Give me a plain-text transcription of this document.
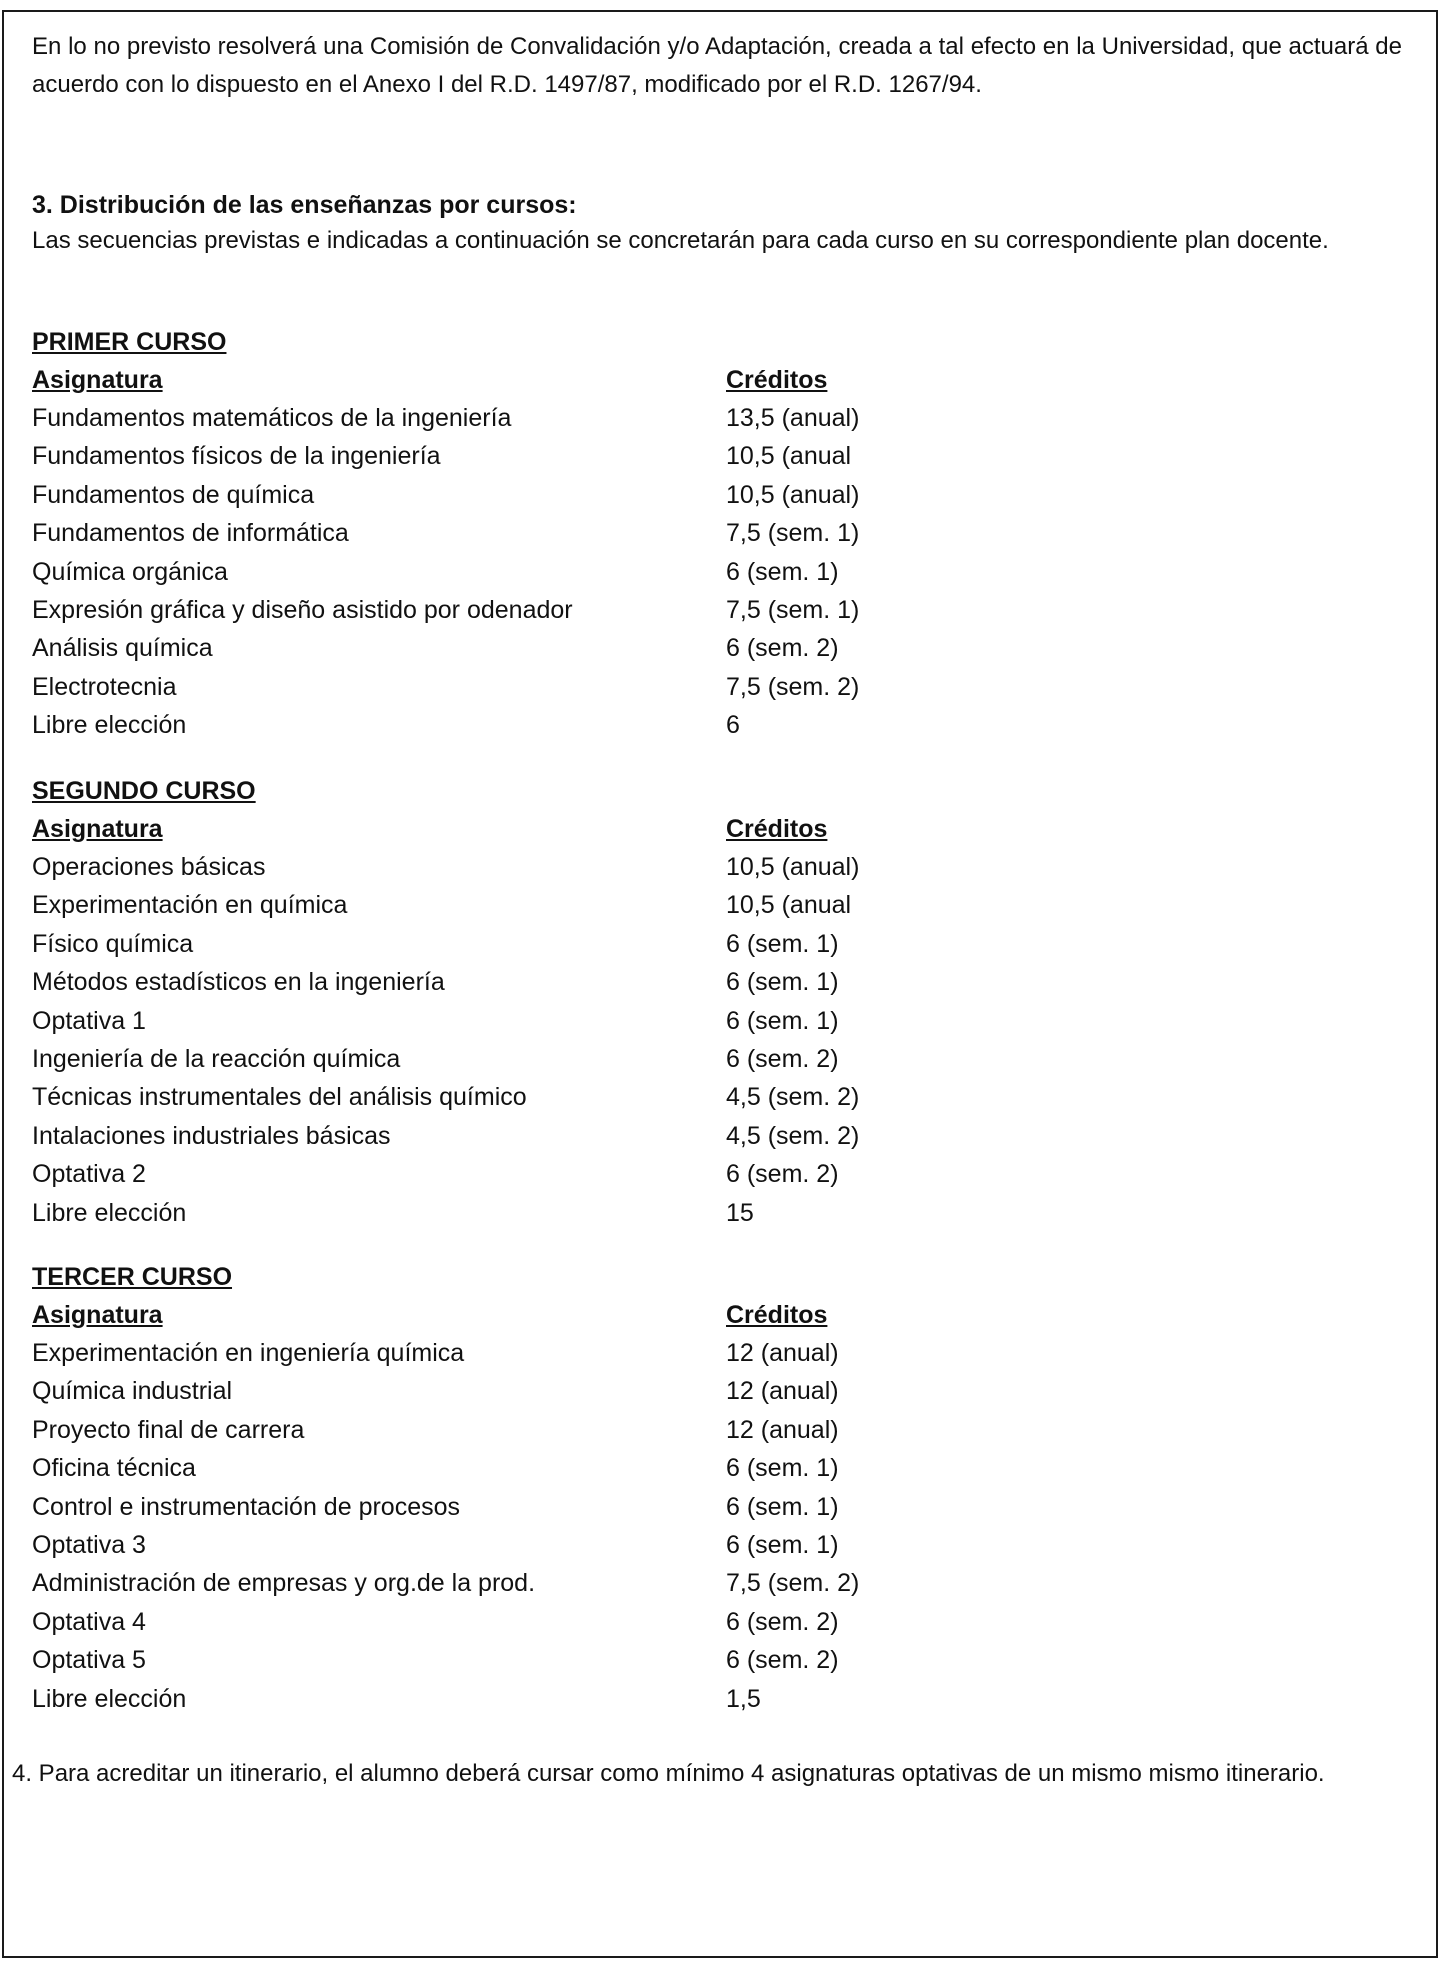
En lo no previsto resolverá una Comisión de Convalidación y/o Adaptación, creada a tal efecto en la Universidad, que actuará de acuerdo con lo dispuesto en el Anexo I del R.D. 1497/87, modificado por el R.D. 1267/94.
3. Distribución de las enseñanzas por cursos:
Las secuencias previstas e indicadas a continuación se concretarán para cada curso en su correspondiente plan docente.
PRIMER CURSO
Asignatura	Créditos
Fundamentos matemáticos de la ingeniería	13,5 (anual)
Fundamentos físicos de la ingeniería	10,5 (anual
Fundamentos de química	10,5 (anual)
Fundamentos de informática	7,5 (sem. 1)
Química orgánica	6 (sem. 1)
Expresión gráfica y diseño asistido por odenador	7,5 (sem. 1)
Análisis química	6 (sem. 2)
Electrotecnia	7,5 (sem. 2)
Libre elección	6
SEGUNDO CURSO
Asignatura	Créditos
Operaciones básicas	10,5 (anual)
Experimentación en química	10,5 (anual
Físico química	6 (sem. 1)
Métodos estadísticos en la ingeniería	6 (sem. 1)
Optativa 1	6 (sem. 1)
Ingeniería de la reacción química	6 (sem. 2)
Técnicas instrumentales del análisis químico	4,5 (sem. 2)
Intalaciones industriales básicas	4,5 (sem. 2)
Optativa 2	6 (sem. 2)
Libre elección	15
TERCER CURSO
Asignatura	Créditos
Experimentación en ingeniería química	12 (anual)
Química industrial	12 (anual)
Proyecto final de carrera	12 (anual)
Oficina técnica	6 (sem. 1)
Control e instrumentación de procesos	6 (sem. 1)
Optativa 3	6 (sem. 1)
Administración de empresas y org.de la prod.	7,5 (sem. 2)
Optativa 4	6 (sem. 2)
Optativa 5	6 (sem. 2)
Libre elección	1,5
4. Para acreditar un itinerario, el alumno deberá cursar como mínimo 4 asignaturas optativas de un mismo mismo itinerario.
